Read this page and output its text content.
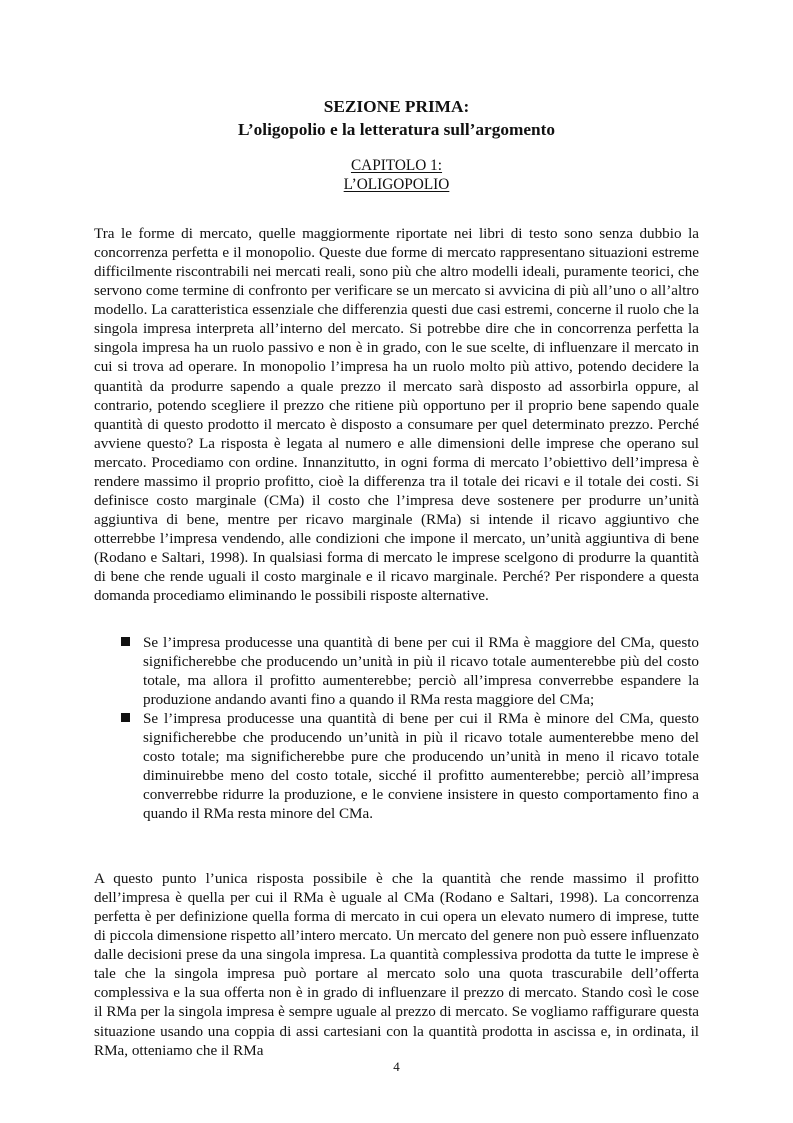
SEZIONE PRIMA:
L’oligopolio e la letteratura sull’argomento
CAPITOLO 1:
L’OLIGOPOLIO

Tra le forme di mercato, quelle maggiormente riportate nei libri di testo sono senza dubbio la concorrenza perfetta e il monopolio. Queste due forme di mercato rappresentano situazioni estreme difficilmente riscontrabili nei mercati reali, sono più che altro modelli ideali, puramente teorici, che servono come termine di confronto per verificare se un mercato si avvicina di più all’uno o all’altro modello. La caratteristica essenziale che differenzia questi due casi estremi, concerne il ruolo che la singola impresa interpreta all’interno del mercato. Si potrebbe dire che in concorrenza perfetta la singola impresa ha un ruolo passivo e non è in grado, con le sue scelte, di influenzare il mercato in cui si trova ad operare. In monopolio l’impresa ha un ruolo molto più attivo, potendo decidere la quantità da produrre sapendo a quale prezzo il mercato sarà disposto ad assorbirla oppure, al contrario, potendo scegliere il prezzo che ritiene più opportuno per il proprio bene sapendo quale quantità di questo prodotto il mercato è disposto a consumare per quel determinato prezzo. Perché avviene questo? La risposta è legata al numero e alle dimensioni delle imprese che operano sul mercato. Procediamo con ordine. Innanzitutto, in ogni forma di mercato l’obiettivo dell’impresa è rendere massimo il proprio profitto, cioè la differenza tra il totale dei ricavi e il totale dei costi. Si definisce costo marginale (CMa) il costo che l’impresa deve sostenere per produrre un’unità aggiuntiva di bene, mentre per ricavo marginale (RMa) si intende il ricavo aggiuntivo che otterrebbe l’impresa vendendo, alle condizioni che impone il mercato, un’unità aggiuntiva di bene (Rodano e Saltari, 1998). In qualsiasi forma di mercato le imprese scelgono di produrre la quantità di bene che rende uguali il costo marginale e il ricavo marginale. Perché? Per rispondere a questa domanda procediamo eliminando le possibili risposte alternative.

Se l’impresa producesse una quantità di bene per cui il RMa è maggiore del CMa, questo significherebbe che producendo un’unità in più il ricavo totale aumenterebbe più del costo totale, ma allora il profitto aumenterebbe; perciò all’impresa converrebbe espandere la produzione andando avanti fino a quando il RMa resta maggiore del CMa;
Se l’impresa producesse una quantità di bene per cui il RMa è minore del CMa, questo significherebbe che producendo un’unità in più il ricavo totale aumenterebbe meno del costo totale; ma significherebbe pure che producendo un’unità in meno il ricavo totale diminuirebbe meno del costo totale, sicché il profitto aumenterebbe; perciò all’impresa converrebbe ridurre la produzione, e le conviene insistere in questo comportamento fino a quando il RMa resta minore del CMa.

A questo punto l’unica risposta possibile è che la quantità che rende massimo il profitto dell’impresa è quella per cui il RMa è uguale al CMa (Rodano e Saltari, 1998). La concorrenza perfetta è per definizione quella forma di mercato in cui opera un elevato numero di imprese, tutte di piccola dimensione rispetto all’intero mercato. Un mercato del genere non può essere influenzato dalle decisioni prese da una singola impresa. La quantità complessiva prodotta da tutte le imprese è tale che la singola impresa può portare al mercato solo una quota trascurabile dell’offerta complessiva e la sua offerta non è in grado di influenzare il prezzo di mercato. Stando così le cose il RMa per la singola impresa è sempre uguale al prezzo di mercato. Se vogliamo raffigurare questa situazione usando una coppia di assi cartesiani con la quantità prodotta in ascissa e, in ordinata, il RMa, otteniamo che il RMa

4
